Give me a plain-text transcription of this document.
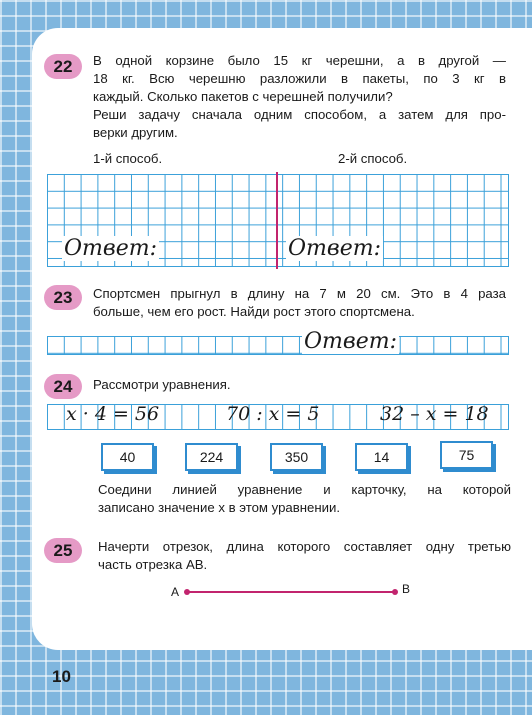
22	В одной корзине было 15 кг черешни, а в другой —
18 кг. Всю черешню разложили в пакеты, по 3 кг в
каждый. Сколько пакетов с черешней получили?
Реши задачу сначала одним способом, а затем для про-
верки другим.
1-й способ.	2-й способ.
Ответ:	Ответ:
23	Спортсмен прыгнул в длину на 7 м 20 см. Это в 4 раза
больше, чем его рост. Найди рост этого спортсмена.
Ответ:
24	Рассмотри уравнения.
x · 4 = 56	70 : x = 5	32 – x = 18
40	224	350	14	75
Соедини линией уравнение и карточку, на которой
записано значение x в этом уравнении.
25	Начерти отрезок, длина которого составляет одну третью
часть отрезка AB.
A	B
10
